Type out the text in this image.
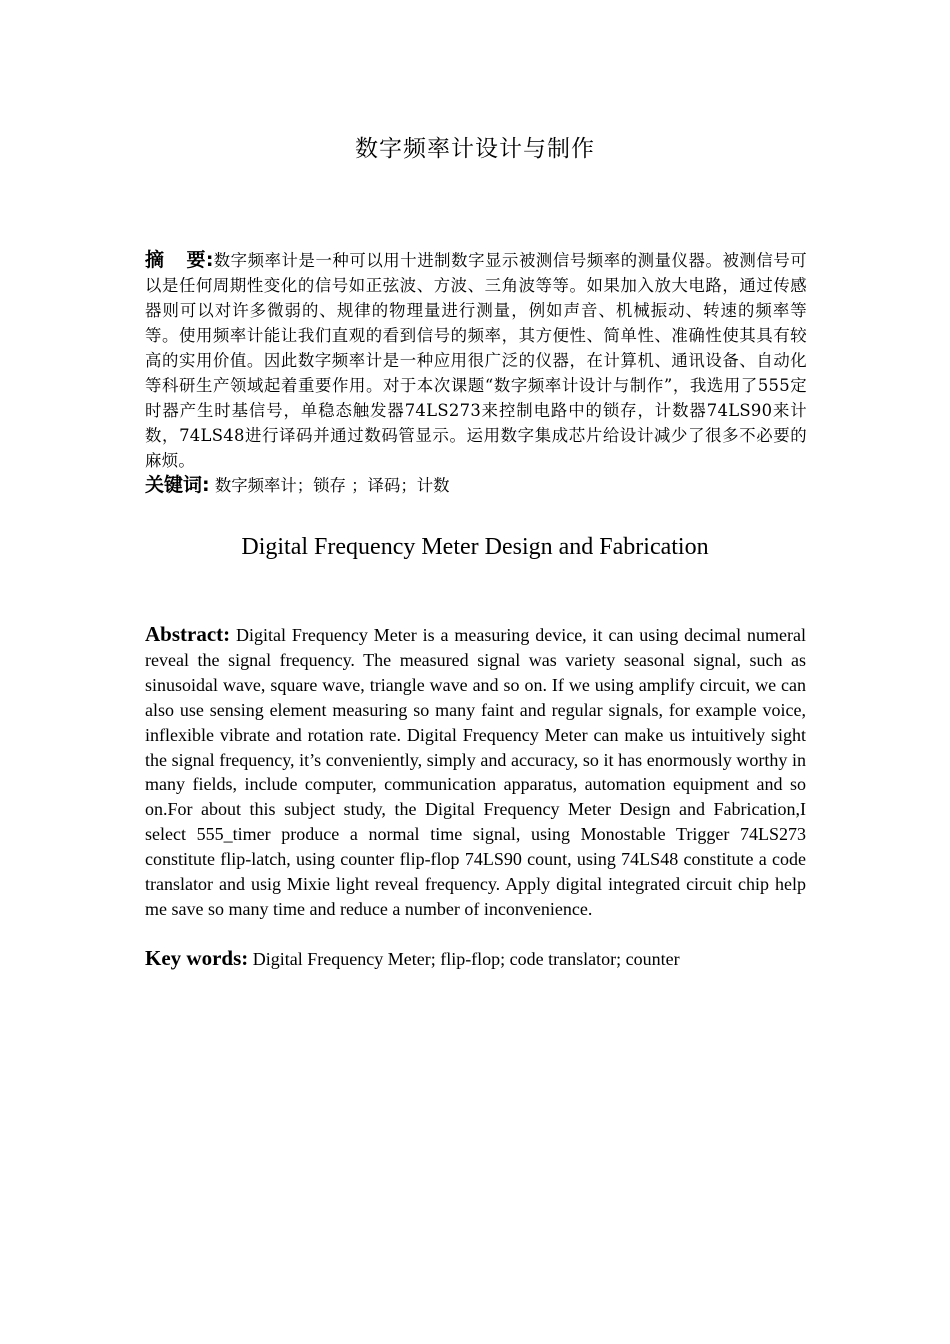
数字频率计设计与制作
摘 要:数字频率计是一种可以用十进制数字显示被测信号频率的测量仪器。被测信号可以是任何周期性变化的信号如正弦波、方波、三角波等等。如果加入放大电路，通过传感器则可以对许多微弱的、规律的物理量进行测量，例如声音、机械振动、转速的频率等等。使用频率计能让我们直观的看到信号的频率，其方便性、简单性、准确性使其具有较高的实用价值。因此数字频率计是一种应用很广泛的仪器，在计算机、通讯设备、自动化等科研生产领域起着重要作用。对于本次课题“数字频率计设计与制作”，我选用了555定时器产生时基信号，单稳态触发器74LS273来控制电路中的锁存，计数器74LS90来计数，74LS48进行译码并通过数码管显示。运用数字集成芯片给设计减少了很多不必要的麻烦。
关键词: 数字频率计；锁存 ；译码；计数
Digital Frequency Meter Design and Fabrication
Abstract: Digital Frequency Meter is a measuring device, it can using decimal numeral reveal the signal frequency. The measured signal was variety seasonal signal, such as sinusoidal wave, square wave, triangle wave and so on. If we using amplify circuit, we can also use sensing element measuring so many faint and regular signals, for example voice, inflexible vibrate and rotation rate. Digital Frequency Meter can make us intuitively sight the signal frequency, it’s conveniently, simply and accuracy, so it has enormously worthy in many fields, include computer, communication apparatus, automation equipment and so on.For about this subject study, the Digital Frequency Meter Design and Fabrication,I select 555_timer produce a normal time signal, using Monostable Trigger 74LS273 constitute flip-latch, using counter flip-flop 74LS90 count, using 74LS48 constitute a code translator and usig Mixie light reveal frequency. Apply digital integrated circuit chip help me save so many time and reduce a number of inconvenience.
Key words: Digital Frequency Meter; flip-flop; code translator; counter
